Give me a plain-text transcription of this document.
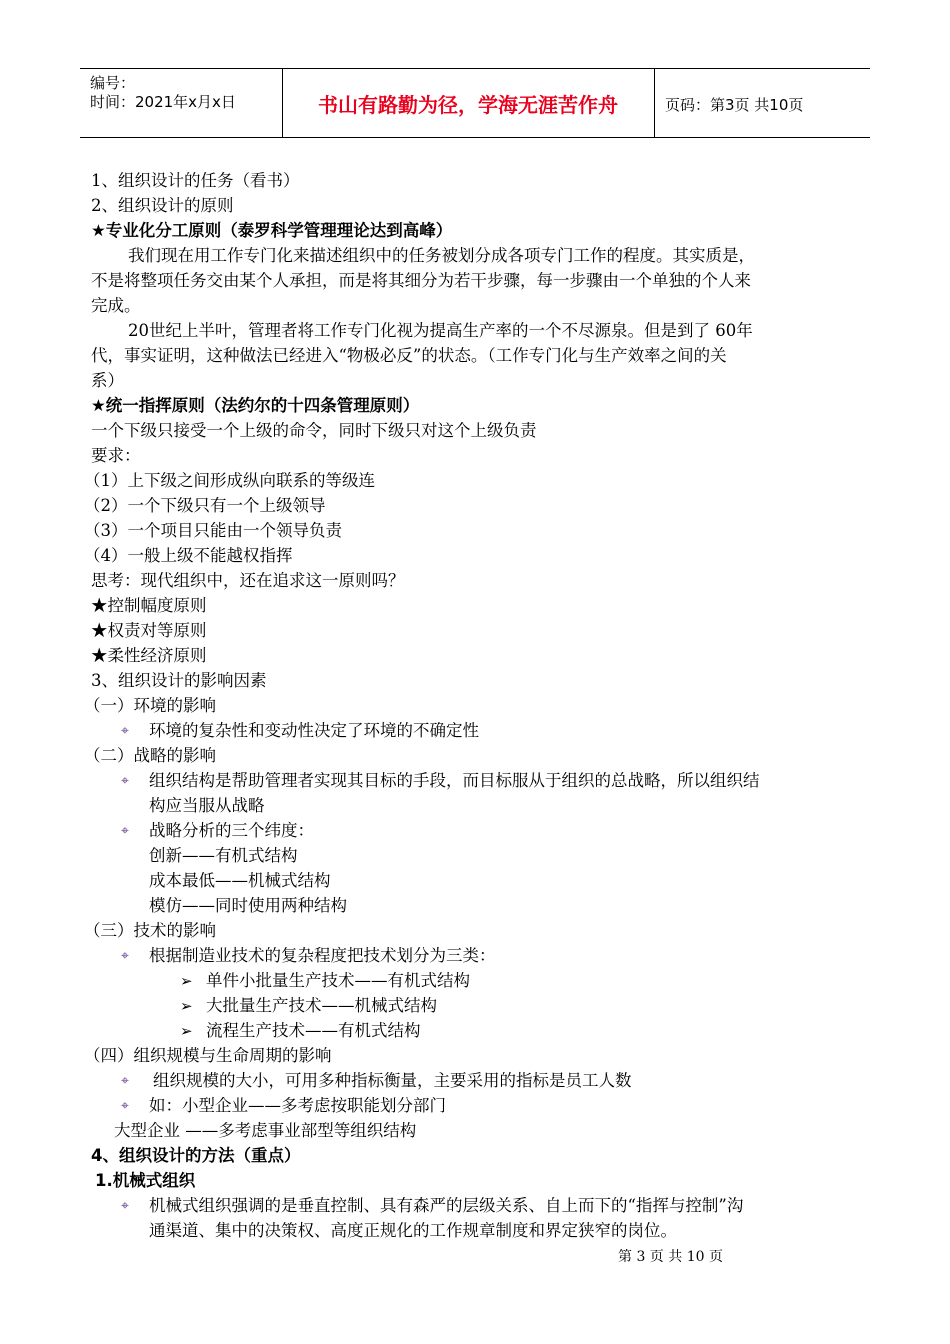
编号：
时间：2021年x月x日	书山有路勤为径，学海无涯苦作舟	页码：第3页 共10页
1、组织设计的任务（看书）
2、组织设计的原则
★专业化分工原则（泰罗科学管理理论达到高峰）
我们现在用工作专门化来描述组织中的任务被划分成各项专门工作的程度。其实质是，
不是将整项任务交由某个人承担，而是将其细分为若干步骤，每一步骤由一个单独的个人来
完成。
20世纪上半叶，管理者将工作专门化视为提高生产率的一个不尽源泉。但是到了 60年
代，事实证明，这种做法已经进入“物极必反”的状态。（工作专门化与生产效率之间的关
系）
★统一指挥原则（法约尔的十四条管理原则）
一个下级只接受一个上级的命令，同时下级只对这个上级负责
要求：
（1）上下级之间形成纵向联系的等级连
（2）一个下级只有一个上级领导
（3）一个项目只能由一个领导负责
（4）一般上级不能越权指挥
思考：现代组织中，还在追求这一原则吗？
★控制幅度原则
★权责对等原则
★柔性经济原则
3、组织设计的影响因素
（一）环境的影响
⌖ 环境的复杂性和变动性决定了环境的不确定性
（二）战略的影响
⌖ 组织结构是帮助管理者实现其目标的手段，而目标服从于组织的总战略，所以组织结
构应当服从战略
⌖ 战略分析的三个纬度：
创新——有机式结构
成本最低——机械式结构
模仿——同时使用两种结构
（三）技术的影响
⌖ 根据制造业技术的复杂程度把技术划分为三类：
➢ 单件小批量生产技术——有机式结构
➢ 大批量生产技术——机械式结构
➢ 流程生产技术——有机式结构
（四）组织规模与生命周期的影响
⌖ 组织规模的大小，可用多种指标衡量，主要采用的指标是员工人数
⌖ 如：小型企业——多考虑按职能划分部门
大型企业 ——多考虑事业部型等组织结构
4、组织设计的方法（重点）
1.机械式组织
⌖ 机械式组织强调的是垂直控制、具有森严的层级关系、自上而下的“指挥与控制”沟
通渠道、集中的决策权、高度正规化的工作规章制度和界定狭窄的岗位。
第 3 页 共 10 页
